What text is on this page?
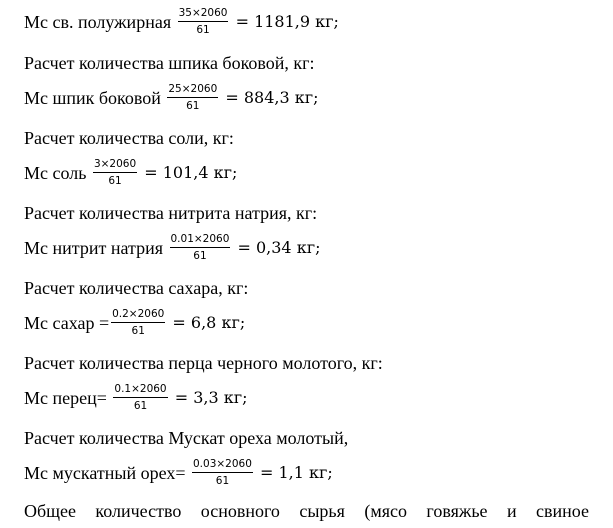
Мс св. полужирная $\frac{35\times 2060}{61} = 1181,9$ кг;
Расчет количества шпика боковой, кг:
Мс шпик боковой $\frac{25\times 2060}{61} = 884,3$ кг;
Расчет количества соли, кг:
Мс соль $\frac{3\times 2060}{61} = 101,4$ кг;
Расчет количества нитрита натрия, кг:
Мс нитрит натрия $\frac{0.01\times 2060}{61} = 0,34$ кг;
Расчет количества сахара, кг:
Мс сахар = $\frac{0.2\times 2060}{61} = 6,8$ кг;
Расчет количества перца черного молотого, кг:
Мс перец= $\frac{0.1\times 2060}{61} = 3,3$ кг;
Расчет количества Мускат ореха молотый,
Мс мускатный орех= $\frac{0.03\times 2060}{61} = 1,1$ кг;
Общее количество основного сырья (мясо говяжье и свиное
